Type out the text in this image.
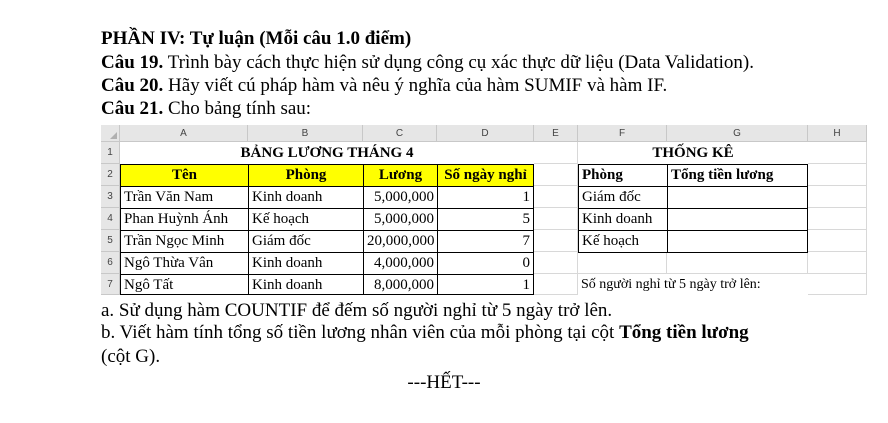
PHẦN IV: Tự luận (Mỗi câu 1.0 điểm)
Câu 19. Trình bày cách thực hiện sử dụng công cụ xác thực dữ liệu (Data Validation).
Câu 20. Hãy viết cú pháp hàm và nêu ý nghĩa của hàm SUMIF và hàm IF.
Câu 21. Cho bảng tính sau:
A	B	C	D	E	F	G	H
1
2
3
4
5
6
7
BẢNG LƯƠNG THÁNG 4
Tên	Phòng	Lương	Số ngày nghỉ
Trần Văn Nam	Kinh doanh	5,000,000	1
Phan Huỳnh Ánh	Kế hoạch	5,000,000	5
Trần Ngọc Minh	Giám đốc	20,000,000	7
Ngô Thừa Vân	Kinh doanh	4,000,000	0
Ngô Tất	Kinh doanh	8,000,000	1
THỐNG KÊ
Phòng	Tổng tiền lương
Giám đốc
Kinh doanh
Kế hoạch
Số người nghỉ từ 5 ngày trở lên:
a. Sử dụng hàm COUNTIF để đếm số người nghỉ từ 5 ngày trở lên.
b. Viết hàm tính tổng số tiền lương nhân viên của mỗi phòng tại cột Tổng tiền lương
(cột G).
---HẾT---
